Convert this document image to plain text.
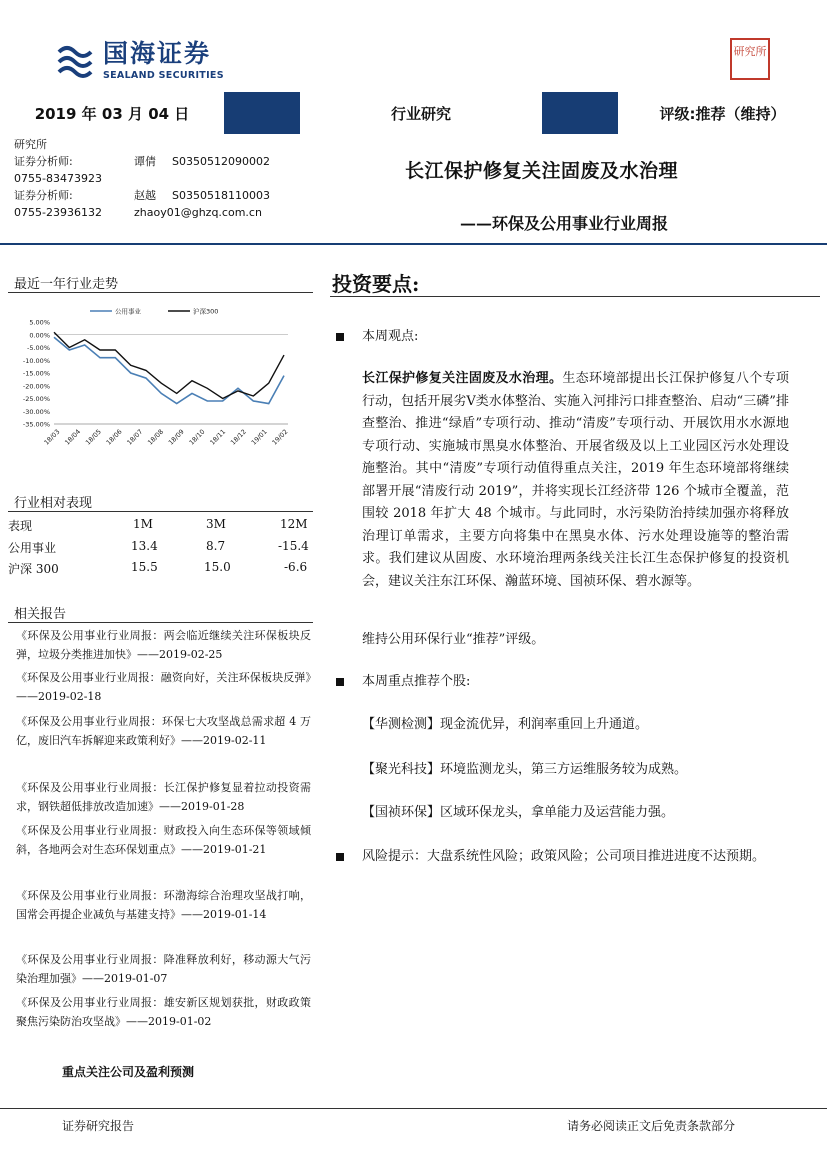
国海证券
SEALAND SECURITIES
研究所
2019 年 03 月 04 日	行业研究	评级:推荐（维持）
研究所
证券分析师:	谭倩 S0350512090002
0755-83473923
证券分析师:	赵越 S0350518110003
0755-23936132	zhaoy01@ghzq.com.cn
长江保护修复关注固废及水治理
——环保及公用事业行业周报
最近一年行业走势
5.00%
0.00%
-5.00%
-10.00%
-15.00%
-20.00%
-25.00%
-30.00%
-35.00%
18/03 18/04 18/05 18/06 18/07 18/08 18/09 18/10 18/11 18/12 19/01 19/02
公用事业	沪深300
行业相对表现
表现	1M	3M	12M
公用事业	13.4	8.7	-15.4
沪深 300	15.5	15.0	-6.6
相关报告
《环保及公用事业行业周报：两会临近继续关注环保板块反弹，垃圾分类推进加快》——2019-02-25
《环保及公用事业行业周报：融资向好，关注环保板块反弹》——2019-02-18
《环保及公用事业行业周报：环保七大攻坚战总需求超 4 万亿，废旧汽车拆解迎来政策利好》——2019-02-11
《环保及公用事业行业周报：长江保护修复显着拉动投资需求，钢铁超低排放改造加速》——2019-01-28
《环保及公用事业行业周报：财政投入向生态环保等领域倾斜，各地两会对生态环保划重点》——2019-01-21
《环保及公用事业行业周报：环渤海综合治理攻坚战打响，国常会再提企业减负与基建支持》——2019-01-14
《环保及公用事业行业周报：降准释放利好，移动源大气污染治理加强》——2019-01-07
《环保及公用事业行业周报：雄安新区规划获批，财政政策聚焦污染防治攻坚战》——2019-01-02
重点关注公司及盈利预测
投资要点:
本周观点:
长江保护修复关注固废及水治理。生态环境部提出长江保护修复八个专项行动，包括开展劣Ⅴ类水体整治、实施入河排污口排查整治、启动“三磷”排查整治、推进“绿盾”专项行动、推动“清废”专项行动、开展饮用水水源地专项行动、实施城市黑臭水体整治、开展省级及以上工业园区污水处理设施整治。其中“清废”专项行动值得重点关注，2019 年生态环境部将继续部署开展“清废行动 2019”，并将实现长江经济带 126 个城市全覆盖，范围较 2018 年扩大 48 个城市。与此同时，水污染防治持续加强亦将释放治理订单需求，主要方向将集中在黑臭水体、污水处理设施等的整治需求。我们建议从固废、水环境治理两条线关注长江生态保护修复的投资机会，建议关注东江环保、瀚蓝环境、国祯环保、碧水源等。
维持公用环保行业“推荐”评级。
本周重点推荐个股:
【华测检测】现金流优异，利润率重回上升通道。
【聚光科技】环境监测龙头，第三方运维服务较为成熟。
【国祯环保】区域环保龙头，拿单能力及运营能力强。
风险提示：大盘系统性风险；政策风险；公司项目推进进度不达预期。
证券研究报告	请务必阅读正文后免责条款部分
